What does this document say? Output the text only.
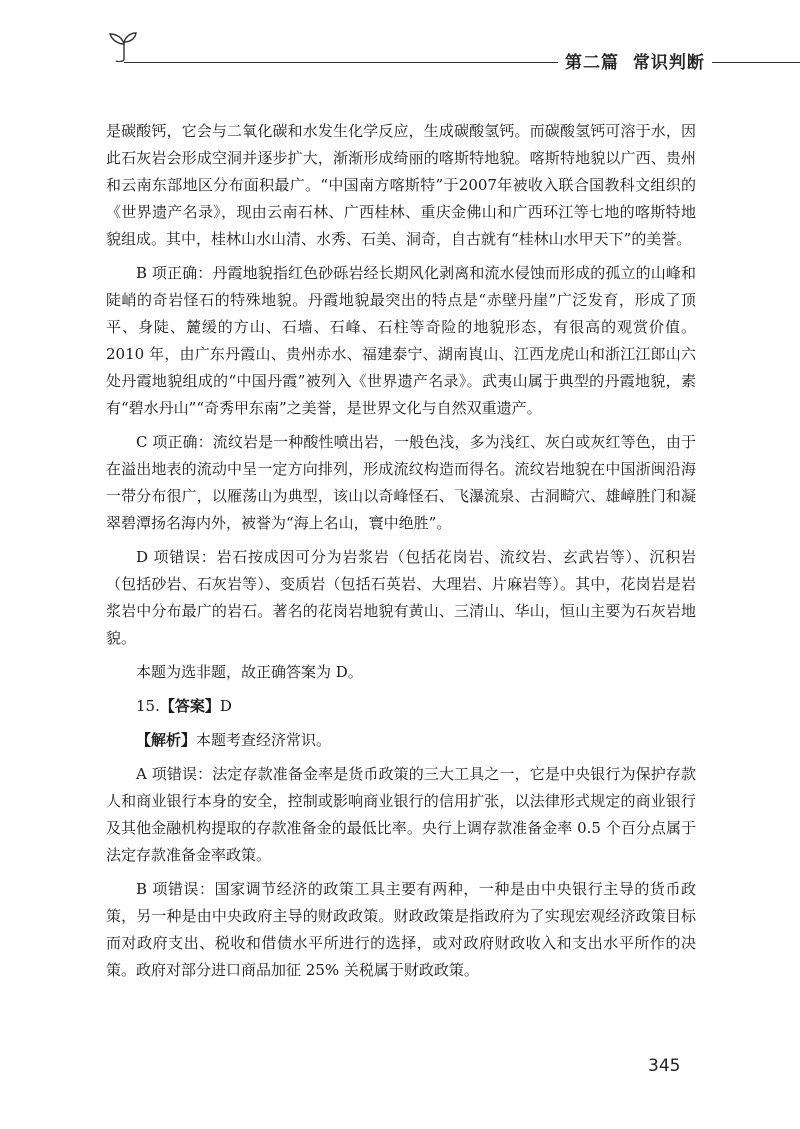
第二篇 常识判断

是碳酸钙，它会与二氧化碳和水发生化学反应，生成碳酸氢钙。而碳酸氢钙可溶于水，因此石灰岩会形成空洞并逐步扩大，渐渐形成绮丽的喀斯特地貌。喀斯特地貌以广西、贵州和云南东部地区分布面积最广。“中国南方喀斯特”于2007年被收入联合国教科文组织的《世界遗产名录》，现由云南石林、广西桂林、重庆金佛山和广西环江等七地的喀斯特地貌组成。其中，桂林山水山清、水秀、石美、洞奇，自古就有“桂林山水甲天下”的美誉。

B 项正确：丹霞地貌指红色砂砾岩经长期风化剥离和流水侵蚀而形成的孤立的山峰和陡峭的奇岩怪石的特殊地貌。丹霞地貌最突出的特点是“赤壁丹崖”广泛发育，形成了顶平、身陡、麓缓的方山、石墙、石峰、石柱等奇险的地貌形态，有很高的观赏价值。2010 年，由广东丹霞山、贵州赤水、福建泰宁、湖南崀山、江西龙虎山和浙江江郎山六处丹霞地貌组成的“中国丹霞”被列入《世界遗产名录》。武夷山属于典型的丹霞地貌，素有“碧水丹山”“奇秀甲东南”之美誉，是世界文化与自然双重遗产。

C 项正确：流纹岩是一种酸性喷出岩，一般色浅，多为浅红、灰白或灰红等色，由于在溢出地表的流动中呈一定方向排列，形成流纹构造而得名。流纹岩地貌在中国浙闽沿海一带分布很广，以雁荡山为典型，该山以奇峰怪石、飞瀑流泉、古洞畸穴、雄嶂胜门和凝翠碧潭扬名海内外，被誉为“海上名山，寰中绝胜”。

D 项错误：岩石按成因可分为岩浆岩（包括花岗岩、流纹岩、玄武岩等）、沉积岩（包括砂岩、石灰岩等）、变质岩（包括石英岩、大理岩、片麻岩等）。其中，花岗岩是岩浆岩中分布最广的岩石。著名的花岗岩地貌有黄山、三清山、华山，恒山主要为石灰岩地貌。

本题为选非题，故正确答案为 D。

15.【答案】D

【解析】本题考查经济常识。

A 项错误：法定存款准备金率是货币政策的三大工具之一，它是中央银行为保护存款人和商业银行本身的安全，控制或影响商业银行的信用扩张，以法律形式规定的商业银行及其他金融机构提取的存款准备金的最低比率。央行上调存款准备金率 0.5 个百分点属于法定存款准备金率政策。

B 项错误：国家调节经济的政策工具主要有两种，一种是由中央银行主导的货币政策，另一种是由中央政府主导的财政政策。财政政策是指政府为了实现宏观经济政策目标而对政府支出、税收和借债水平所进行的选择，或对政府财政收入和支出水平所作的决策。政府对部分进口商品加征 25% 关税属于财政政策。

345
